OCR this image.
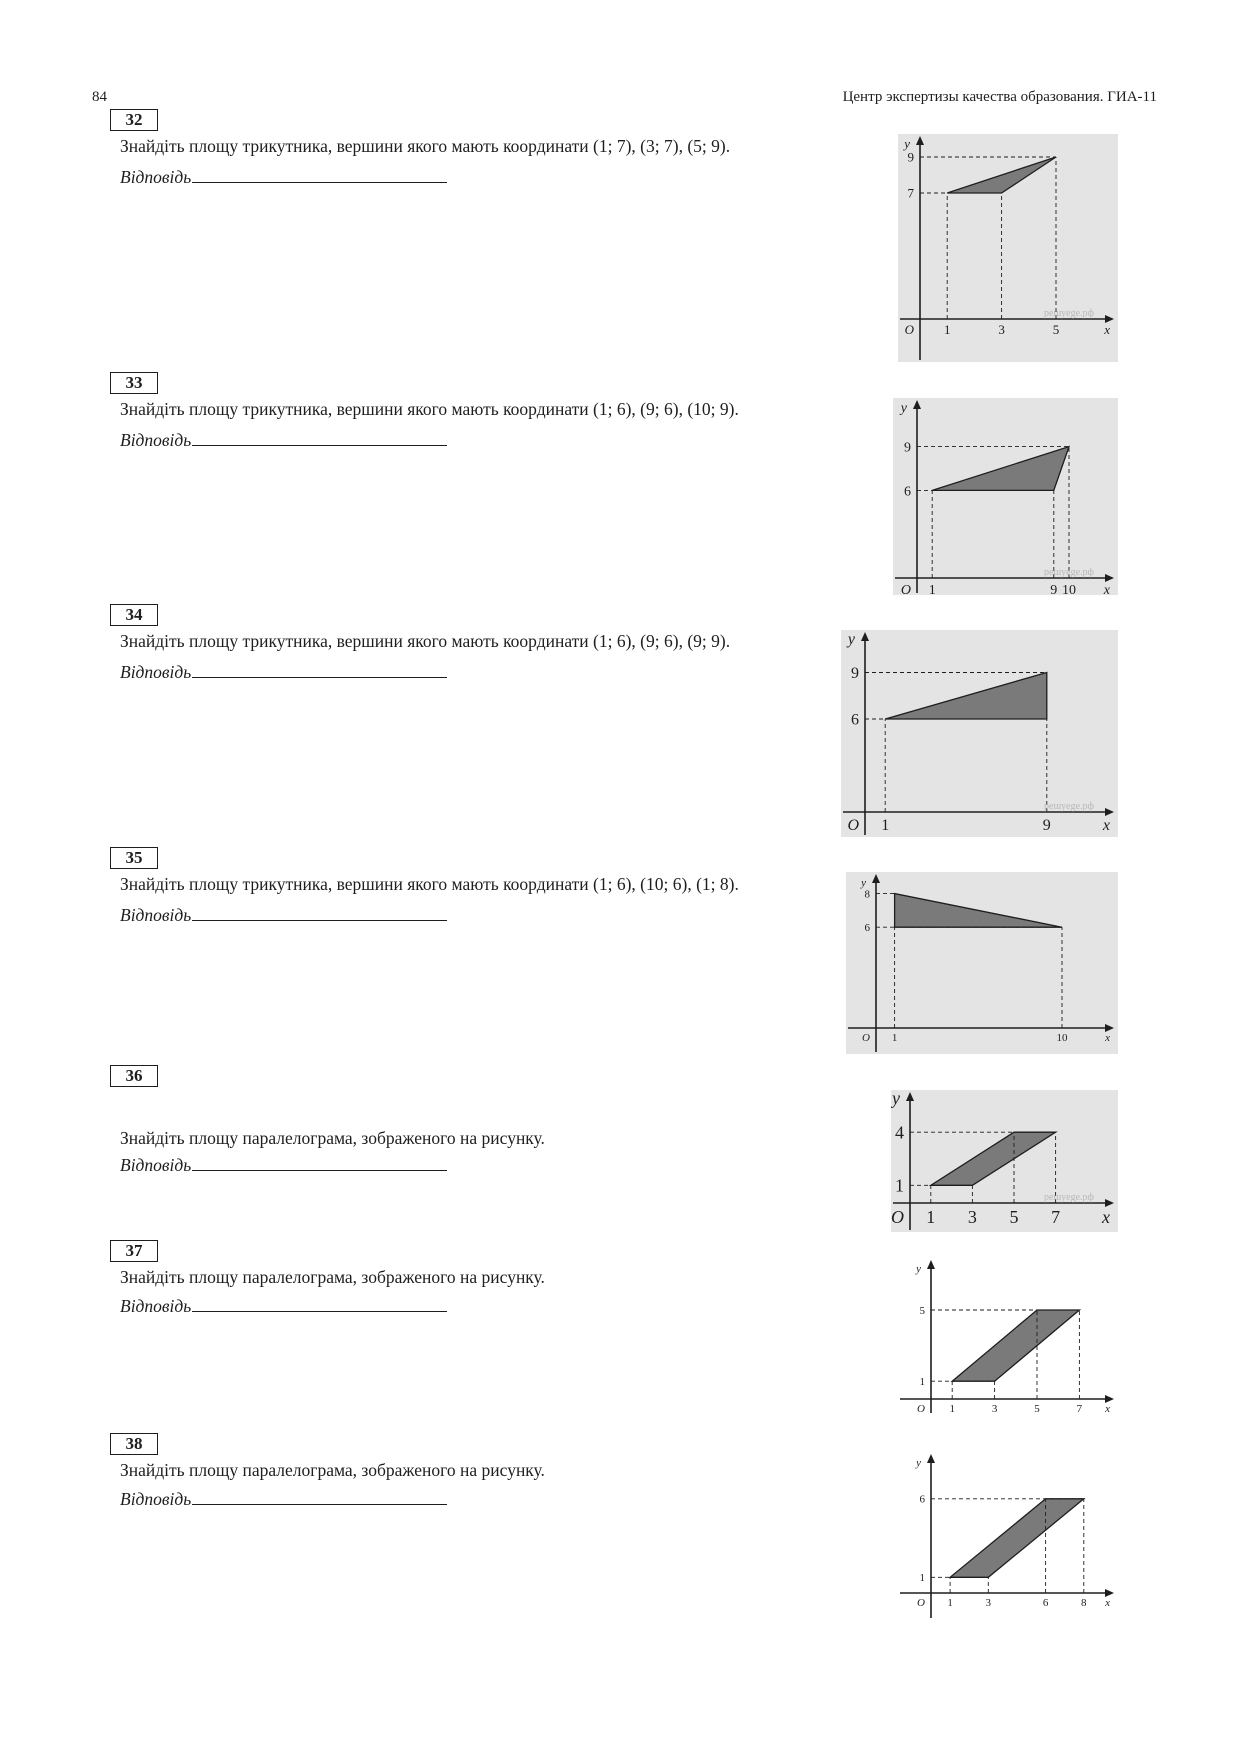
84	Центр экспертизы качества образования. ГИА-11
32
Знайдіть площу трикутника, вершини якого мають координати (1; 7), (3; 7), (5; 9).
Відповідь
1	3	5
7
9
O	x
y
решуege.рф
33
Знайдіть площу трикутника, вершини якого мають координати (1; 6), (9; 6), (10; 9).
Відповідь
1	9 10
6
9
O	x
y
решуege.рф
34
Знайдіть площу трикутника, вершини якого мають координати (1; 6), (9; 6), (9; 9).
Відповідь
1	9
6
9
O	x
y
решуege.рф
35
Знайдіть площу трикутника, вершини якого мають координати (1; 6), (10; 6), (1; 8).
Відповідь
1	10
6
8
O	x
y
36
Знайдіть площу паралелограма, зображеного на рисунку.
Відповідь
1 3 5 7
1
4
O	x
y
решуege.рф
37
Знайдіть площу паралелограма, зображеного на рисунку.
Відповідь
1	3	5	7
1
5
O	x
y
38
Знайдіть площу паралелограма, зображеного на рисунку.
Відповідь
1	3	6	8
1
6
O	x
y
